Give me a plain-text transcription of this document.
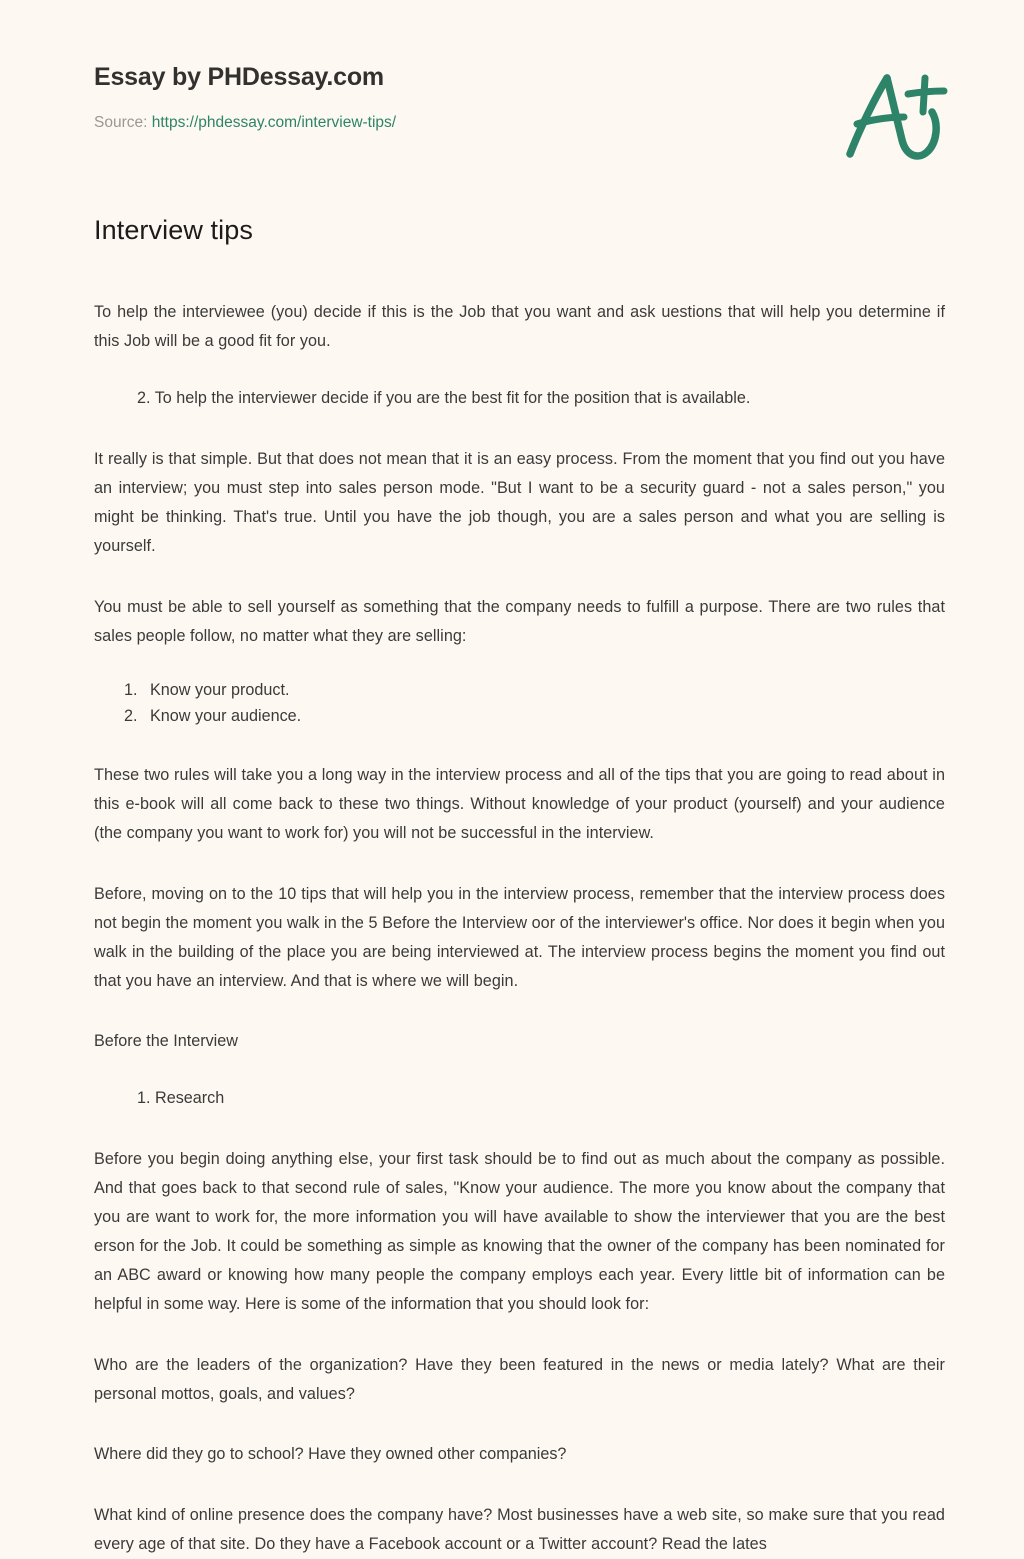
Essay by PHDessay.com
Source: https://phdessay.com/interview-tips/
Interview tips

To help the interviewee (you) decide if this is the Job that you want and ask uestions that will help you determine if this Job will be a good fit for you.

2. To help the interviewer decide if you are the best fit for the position that is available.

It really is that simple. But that does not mean that it is an easy process. From the moment that you find out you have an interview; you must step into sales person mode. "But I want to be a security guard - not a sales person," you might be thinking. That's true. Until you have the job though, you are a sales person and what you are selling is yourself.

You must be able to sell yourself as something that the company needs to fulfill a purpose. There are two rules that sales people follow, no matter what they are selling:

1. Know your product.
2. Know your audience.

These two rules will take you a long way in the interview process and all of the tips that you are going to read about in this e-book will all come back to these two things. Without knowledge of your product (yourself) and your audience (the company you want to work for) you will not be successful in the interview.

Before, moving on to the 10 tips that will help you in the interview process, remember that the interview process does not begin the moment you walk in the 5 Before the Interview oor of the interviewer's office. Nor does it begin when you walk in the building of the place you are being interviewed at. The interview process begins the moment you find out that you have an interview. And that is where we will begin.

Before the Interview

1. Research

Before you begin doing anything else, your first task should be to find out as much about the company as possible. And that goes back to that second rule of sales, "Know your audience. The more you know about the company that you are want to work for, the more information you will have available to show the interviewer that you are the best erson for the Job. It could be something as simple as knowing that the owner of the company has been nominated for an ABC award or knowing how many people the company employs each year. Every little bit of information can be helpful in some way. Here is some of the information that you should look for:

Who are the leaders of the organization? Have they been featured in the news or media lately? What are their personal mottos, goals, and values?

Where did they go to school? Have they owned other companies?

What kind of online presence does the company have? Most businesses have a web site, so make sure that you read every age of that site. Do they have a Facebook account or a Twitter account? Read the lates
